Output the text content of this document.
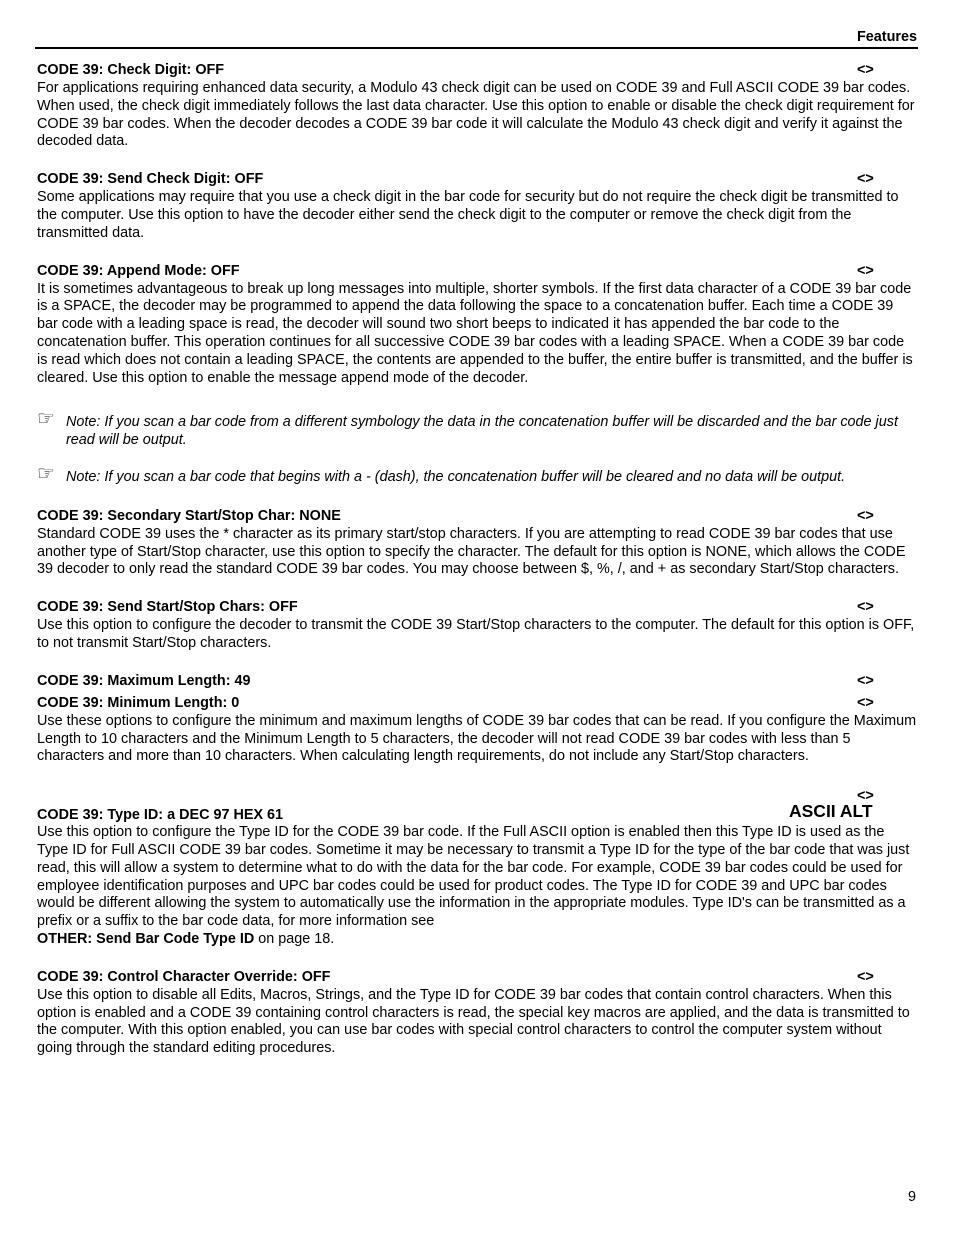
Features
CODE 39: Check Digit: OFF	<>

For applications requiring enhanced data security, a Modulo 43 check digit can be used on CODE 39 and Full ASCII CODE 39 bar codes. When used, the check digit immediately follows the last data character. Use this option to enable or disable the check digit requirement for CODE 39 bar codes. When the decoder decodes a CODE 39 bar code it will calculate the Modulo 43 check digit and verify it against the decoded data.

CODE 39: Send Check Digit: OFF	<>

Some applications may require that you use a check digit in the bar code for security but do not require the check digit be transmitted to the computer. Use this option to have the decoder either send the check digit to the computer or remove the check digit from the transmitted data.

CODE 39: Append Mode: OFF	<>

It is sometimes advantageous to break up long messages into multiple, shorter symbols. If the first data character of a CODE 39 bar code is a SPACE, the decoder may be programmed to append the data following the space to a concatenation buffer. Each time a CODE 39 bar code with a leading space is read, the decoder will sound two short beeps to indicated it has appended the bar code to the concatenation buffer. This operation continues for all successive CODE 39 bar codes with a leading SPACE. When a CODE 39 bar code is read which does not contain a leading SPACE, the contents are appended to the buffer, the entire buffer is transmitted, and the buffer is cleared. Use this option to enable the message append mode of the decoder.

☞ Note: If you scan a bar code from a different symbology the data in the concatenation buffer will be discarded and the bar code just read will be output.

☞ Note: If you scan a bar code that begins with a - (dash), the concatenation buffer will be cleared and no data will be output.

CODE 39: Secondary Start/Stop Char: NONE	<>

Standard CODE 39 uses the * character as its primary start/stop characters. If you are attempting to read CODE 39 bar codes that use another type of Start/Stop character, use this option to specify the character. The default for this option is NONE, which allows the CODE 39 decoder to only read the standard CODE 39 bar codes. You may choose between $, %, /, and + as secondary Start/Stop characters.

CODE 39: Send Start/Stop Chars: OFF	<>

Use this option to configure the decoder to transmit the CODE 39 Start/Stop characters to the computer. The default for this option is OFF, to not transmit Start/Stop characters.

CODE 39: Maximum Length: 49	<>
CODE 39: Minimum Length: 0	<>

Use these options to configure the minimum and maximum lengths of CODE 39 bar codes that can be read. If you configure the Maximum Length to 10 characters and the Minimum Length to 5 characters, the decoder will not read CODE 39 bar codes with less than 5 characters and more than 10 characters. When calculating length requirements, do not include any Start/Stop characters.

<>
CODE 39: Type ID: a DEC 97 HEX 61	ASCII ALT

Use this option to configure the Type ID for the CODE 39 bar code. If the Full ASCII option is enabled then this Type ID is used as the Type ID for Full ASCII CODE 39 bar codes. Sometime it may be necessary to transmit a Type ID for the type of the bar code that was just read, this will allow a system to determine what to do with the data for the bar code. For example, CODE 39 bar codes could be used for employee identification purposes and UPC bar codes could be used for product codes. The Type ID for CODE 39 and UPC bar codes would be different allowing the system to automatically use the information in the appropriate modules. Type ID's can be transmitted as a prefix or a suffix to the bar code data, for more information see
OTHER: Send Bar Code Type ID on page 18.

CODE 39: Control Character Override: OFF	<>

Use this option to disable all Edits, Macros, Strings, and the Type ID for CODE 39 bar codes that contain control characters. When this option is enabled and a CODE 39 containing control characters is read, the special key macros are applied, and the data is transmitted to the computer. With this option enabled, you can use bar codes with special control characters to control the computer system without going through the standard editing procedures.

9
